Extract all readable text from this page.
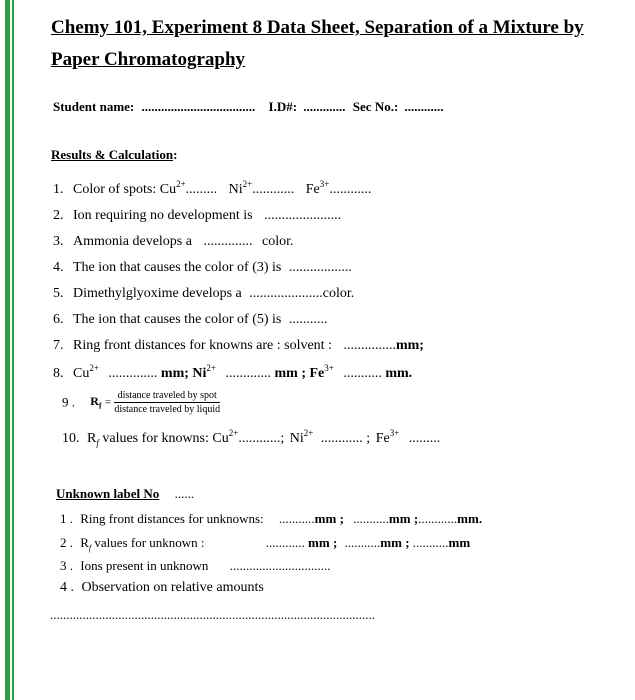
Chemy 101, Experiment 8 Data Sheet, Separation of a Mixture by
Paper Chromatography
Student name: ................................... I.D#: ............. Sec No.: ............
Results & Calculation:
1. Color of spots: $Cu^{2+}$......... $Ni^{2+}$............ $Fe^{3+}$............
2. Ion requiring no development is ......................
3. Ammonia develops a .............. color.
4. The ion that causes the color of (3) is ..................
5. Dimethylglyoxime develops a .....................color.
6. The ion that causes the color of (5) is ...........
7. Ring front distances for knowns are : solvent : ...............mm;
8. $Cu^{2+}$ .............. mm; $Ni^{2+}$ ............. mm ; $Fe^{3+}$ ........... mm.
9 . $R_f = \frac{\text{distance traveled by spot}}{\text{distance traveled by liquid}}$
10. $R_f$ values for knowns: $Cu^{2+}$............; $Ni^{2+}$ ............ ; $Fe^{3+}$ .........
Unknown label No ......
1 . Ring front distances for unknowns: ...........mm ; ...........mm ;............mm.
2 . $R_f$ values for unknown :	............ mm ; ...........mm ; ...........mm
3 . Ions present in unknown ...............................
4 . Observation on relative amounts
....................................................................................................
